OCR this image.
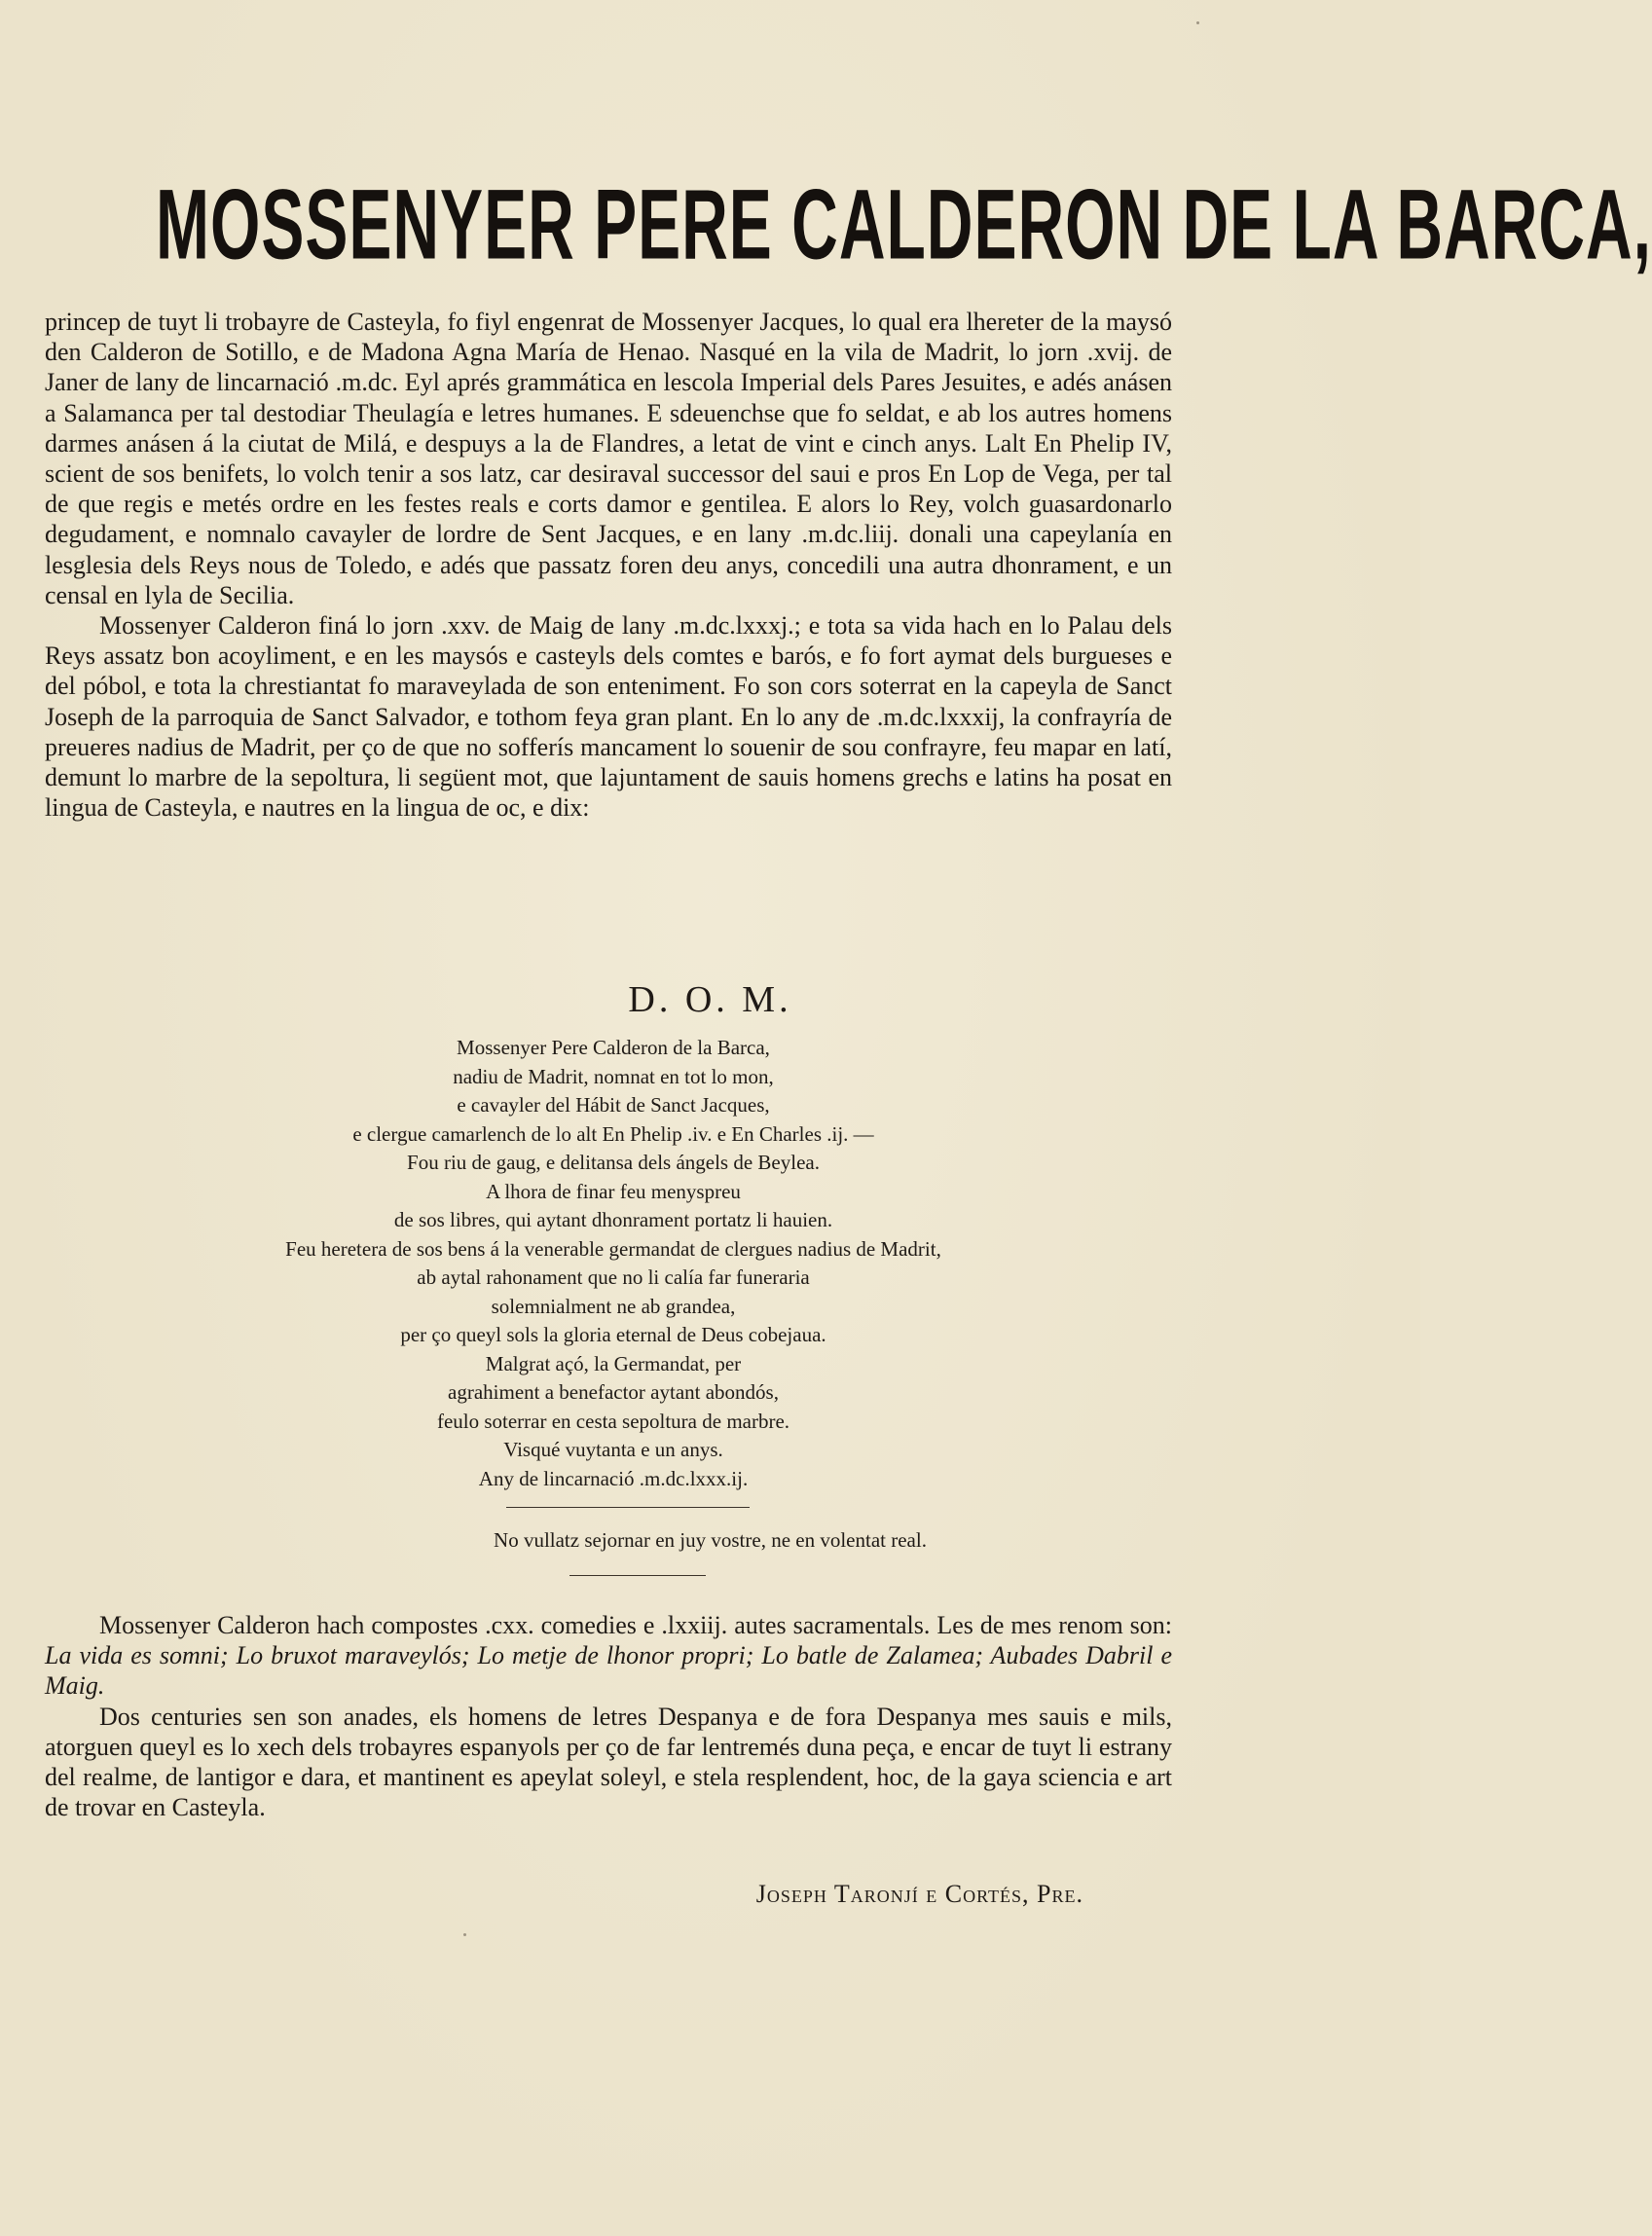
MOSSENYER PERE CALDERON DE LA BARCA,

princep de tuyt li trobayre de Casteyla, fo fiyl engenrat de Mossenyer Jacques, lo qual era lhereter de la maysó den Calderon de Sotillo, e de Madona Agna María de Henao. Nasqué en la vila de Madrit, lo jorn .xvij. de Janer de lany de lincarnació .m.dc. Eyl aprés grammática en lescola Imperial dels Pares Jesuites, e adés anásen a Salamanca per tal destodiar Theulagía e letres humanes. E sdeuenchse que fo seldat, e ab los autres homens darmes anásen á la ciutat de Milá, e despuys a la de Flandres, a letat de vint e cinch anys. Lalt En Phelip IV, scient de sos benifets, lo volch tenir a sos latz, car desiraval successor del saui e pros En Lop de Vega, per tal de que regis e metés ordre en les festes reals e corts damor e gentilea. E alors lo Rey, volch guasardonarlo degudament, e nomnalo cavayler de lordre de Sent Jacques, e en lany .m.dc.liij. donali una capeylanía en lesglesia dels Reys nous de Toledo, e adés que passatz foren deu anys, concedili una autra dhonrament, e un censal en lyla de Secilia.

Mossenyer Calderon finá lo jorn .xxv. de Maig de lany .m.dc.lxxxj.; e tota sa vida hach en lo Palau dels Reys assatz bon acoyliment, e en les maysós e casteyls dels comtes e barós, e fo fort aymat dels burgueses e del póbol, e tota la chrestiantat fo maraveylada de son enteniment. Fo son cors soterrat en la capeyla de Sanct Joseph de la parroquia de Sanct Salvador, e tothom feya gran plant. En lo any de .m.dc.lxxxij, la confrayría de preueres nadius de Madrit, per ço de que no sofferís mancament lo souenir de sou confrayre, feu mapar en latí, demunt lo marbre de la sepoltura, li següent mot, que lajuntament de sauis homens grechs e latins ha posat en lingua de Casteyla, e nautres en la lingua de oc, e dix:

D. O. M.
Mossenyer Pere Calderon de la Barca,
nadiu de Madrit, nomnat en tot lo mon,
e cavayler del Hábit de Sanct Jacques,
e clergue camarlench de lo alt En Phelip .iv. e En Charles .ij. —
Fou riu de gaug, e delitansa dels ángels de Beylea.
A lhora de finar feu menyspreu
de sos libres, qui aytant dhonrament portatz li hauien.
Feu heretera de sos bens á la venerable germandat de clergues nadius de Madrit,
ab aytal rahonament que no li calía far funeraria
solemnialment ne ab grandea,
per ço queyl sols la gloria eternal de Deus cobejaua.
Malgrat açó, la Germandat, per
agrahiment a benefactor aytant abondós,
feulo soterrar en cesta sepoltura de marbre.
Visqué vuytanta e un anys.
Any de lincarnació .m.dc.lxxx.ij.
No vullatz sejornar en juy vostre, ne en volentat real.

Mossenyer Calderon hach compostes .cxx. comedies e .lxxiij. autes sacramentals. Les de mes renom son: La vida es somni; Lo bruxot maraveylós; Lo metje de lhonor propri; Lo batle de Zalamea; Aubades Dabril e Maig.

Dos centuries sen son anades, els homens de letres Despanya e de fora Despanya mes sauis e mils, atorguen queyl es lo xech dels trobayres espanyols per ço de far lentremés duna peça, e encar de tuyt li estrany del realme, de lantigor e dara, et mantinent es apeylat soleyl, e stela resplendent, hoc, de la gaya sciencia e art de trovar en Casteyla.

Joseph Taronjí e Cortés, Pre.
